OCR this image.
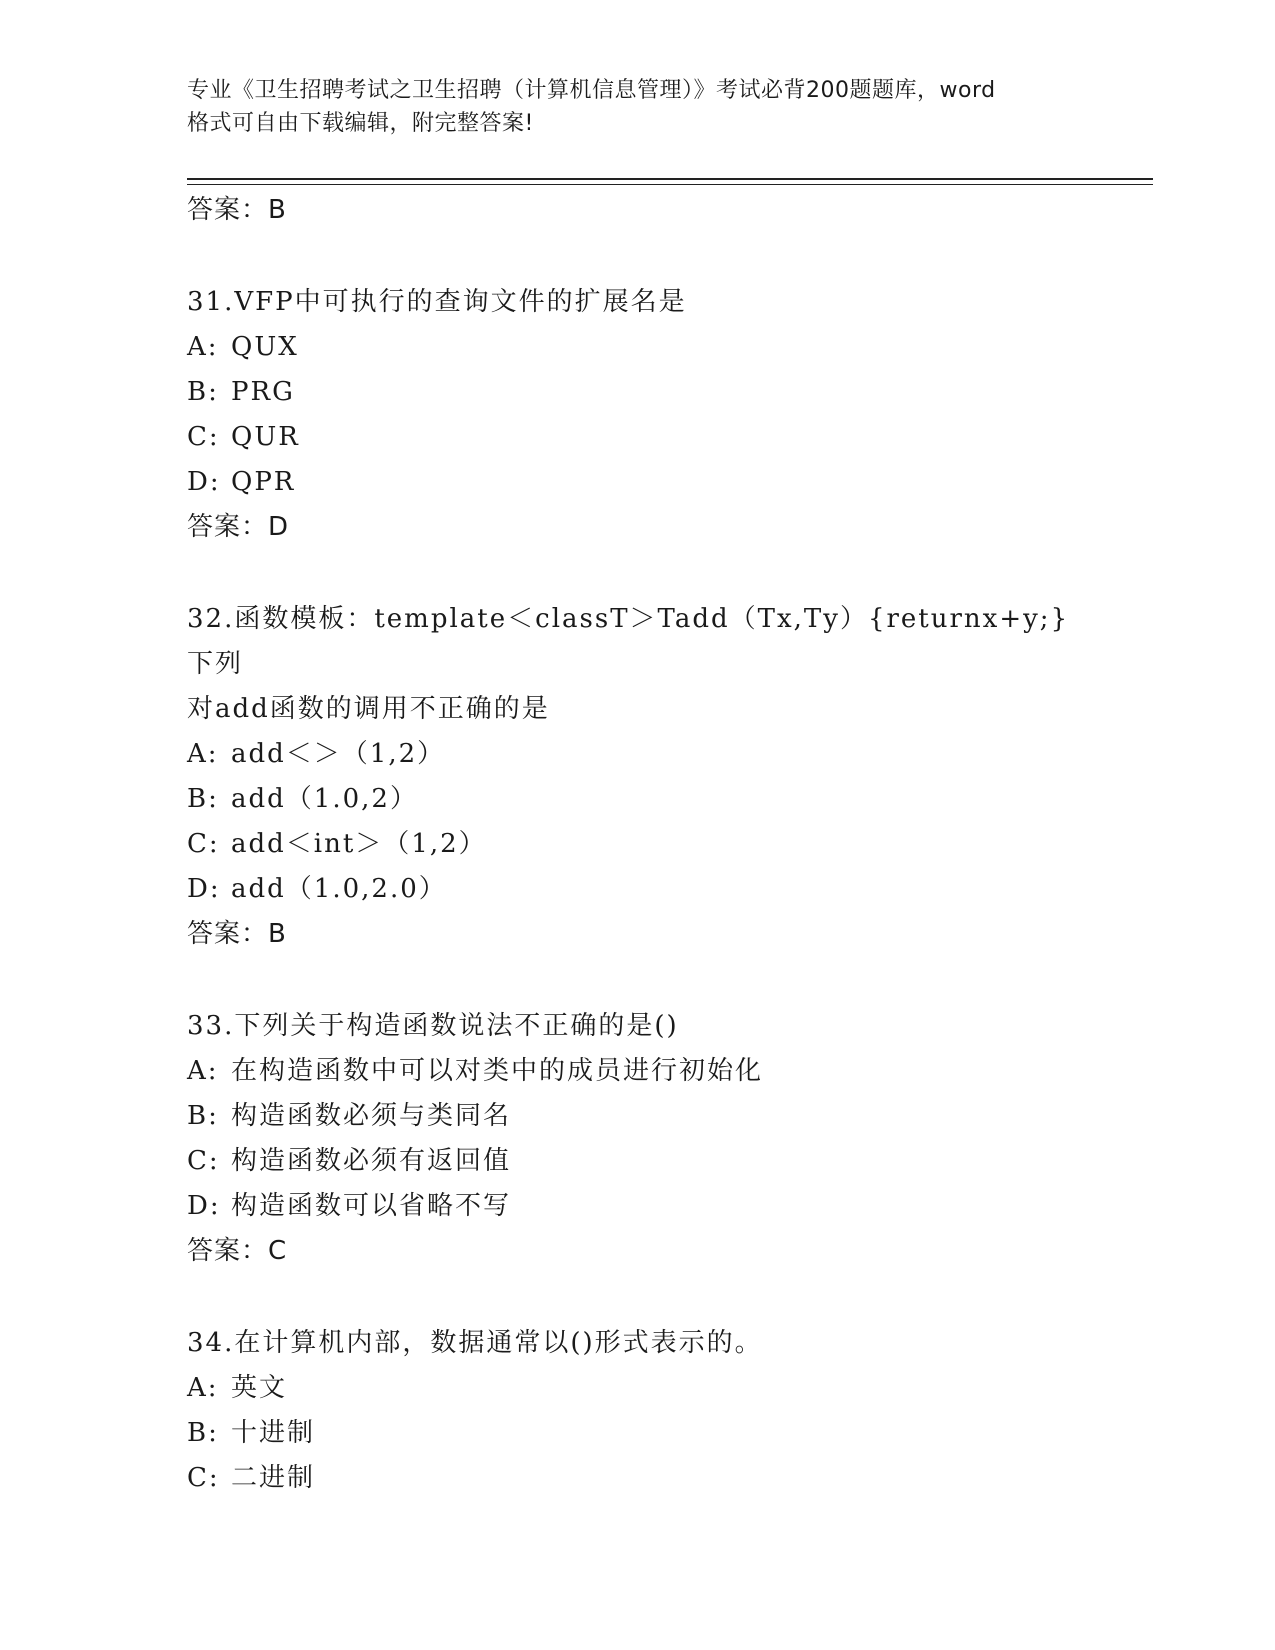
专业《卫生招聘考试之卫生招聘（计算机信息管理）》考试必背200题题库，word
格式可自由下载编辑，附完整答案!
答案：B
31.VFP中可执行的查询文件的扩展名是
A: QUX
B: PRG
C: QUR
D: QPR
答案：D
32.函数模板：template＜classT＞Tadd（Tx,Ty）{returnx+y;}下列
对add函数的调用不正确的是
A: add＜＞（1,2）
B: add（1.0,2）
C: add＜int＞（1,2）
D: add（1.0,2.0）
答案：B
33.下列关于构造函数说法不正确的是()
A: 在构造函数中可以对类中的成员进行初始化
B: 构造函数必须与类同名
C: 构造函数必须有返回值
D: 构造函数可以省略不写
答案：C
34.在计算机内部，数据通常以()形式表示的。
A: 英文
B: 十进制
C: 二进制
